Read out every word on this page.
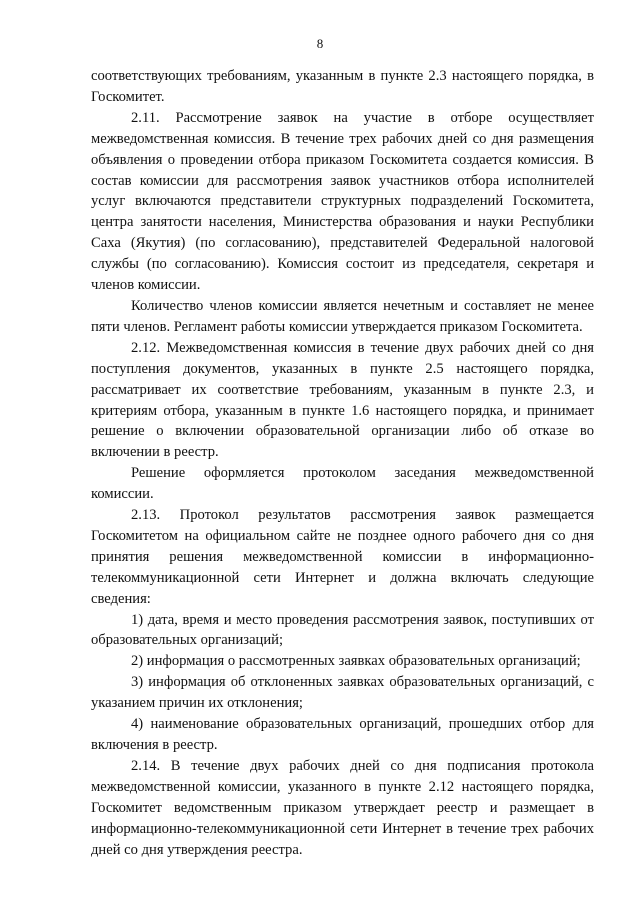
8

соответствующих требованиям, указанным в пункте 2.3 настоящего порядка, в Госкомитет.

2.11. Рассмотрение заявок на участие в отборе осуществляет межведомственная комиссия. В течение трех рабочих дней со дня размещения объявления о проведении отбора приказом Госкомитета создается комиссия. В состав комиссии для рассмотрения заявок участников отбора исполнителей услуг включаются представители структурных подразделений Госкомитета, центра занятости населения, Министерства образования и науки Республики Саха (Якутия) (по согласованию), представителей Федеральной налоговой службы (по согласованию). Комиссия состоит из председателя, секретаря и членов комиссии.

Количество членов комиссии является нечетным и составляет не менее пяти членов. Регламент работы комиссии утверждается приказом Госкомитета.

2.12. Межведомственная комиссия в течение двух рабочих дней со дня поступления документов, указанных в пункте 2.5 настоящего порядка, рассматривает их соответствие требованиям, указанным в пункте 2.3, и критериям отбора, указанным в пункте 1.6 настоящего порядка, и принимает решение о включении образовательной организации либо об отказе во включении в реестр.

Решение оформляется протоколом заседания межведомственной комиссии.

2.13. Протокол результатов рассмотрения заявок размещается Госкомитетом на официальном сайте не позднее одного рабочего дня со дня принятия решения межведомственной комиссии в информационно-телекоммуникационной сети Интернет и должна включать следующие сведения:

1) дата, время и место проведения рассмотрения заявок, поступивших от образовательных организаций;

2) информация о рассмотренных заявках образовательных организаций;

3) информация об отклоненных заявках образовательных организаций, с указанием причин их отклонения;

4) наименование образовательных организаций, прошедших отбор для включения в реестр.

2.14. В течение двух рабочих дней со дня подписания протокола межведомственной комиссии, указанного в пункте 2.12 настоящего порядка, Госкомитет ведомственным приказом утверждает реестр и размещает в информационно-телекоммуникационной сети Интернет в течение трех рабочих дней со дня утверждения реестра.
